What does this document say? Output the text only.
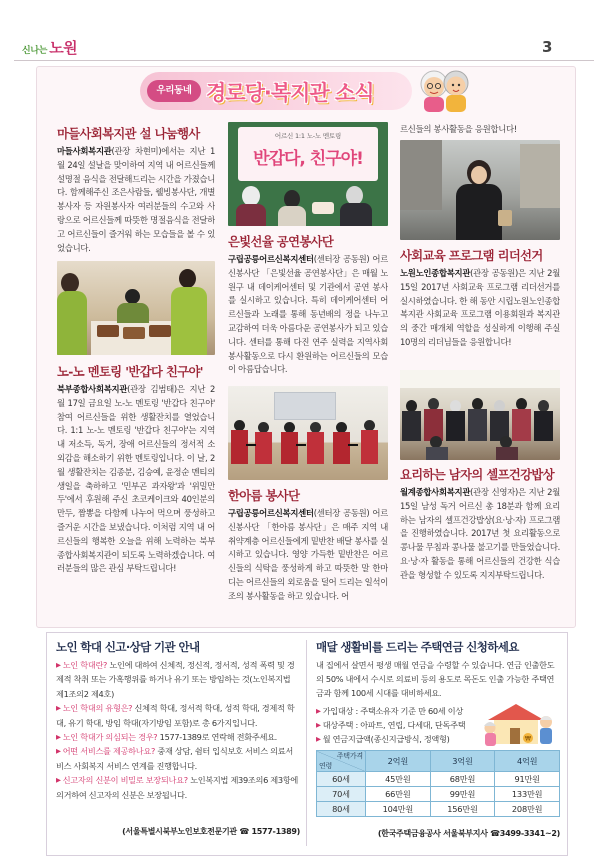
신나는 노원	3
우리동네 경로당·복지관 소식
마들사회복지관 설 나눔행사
마들사회복지관(관장 차현미)에서는 지난 1월 24일 설날을 맞이하여 지역 내 어르신들께 설명절 음식을 전달해드리는 시간을 가졌습니다. 함께해주신 조은사람들, 웰빙봉사단, 개별봉사자 등 자원봉사자 여러분들의 수고와 사랑으로 어르신들께 따뜻한 명절음식을 전달하고 어르신들이 즐거워 하는 모습들을 볼 수 있었습니다.
노-노 멘토링 '반갑다 친구야'
북부종합사회복지관(관장 김범태)은 지난 2월 17일 금요일 노-노 멘토링 '반갑다 친구야' 참여 어르신들을 위한 생활잔치를 열었습니다. 1:1 노-노 멘토링 '반갑다 친구야'는 지역 내 저소득, 독거, 장애 어르신들의 정서적 소외감을 해소하기 위한 멘토링입니다. 이 날, 2월 생활잔치는 김종분, 김승예, 윤정순 멘티의 생일을 축하하고 '민부곤 과자왕'과 '위밀만두'에서 후원해 주신 초코케이크와 40인분의 만두, 짬뽕을 다함께 나누어 먹으며 풍성하고 즐거운 시간을 보냈습니다. 이처럼 지역 내 어르신들의 행복한 오늘을 위해 노력하는 북부종합사회복지관이 되도록 노력하겠습니다. 여러분들의 많은 관심 부탁드립니다!
어르신 1:1 노-노 멘토링
반갑다, 친구야!
은빛선율 공연봉사단
구립공릉어르신복지센터(센터장 공동원) 어르신봉사단 「은빛선율 공연봉사단」은 매월 노원구 내 데이케어센터 및 기관에서 공연 봉사를 실시하고 있습니다. 특히 데이케어센터 어르신들과 노래를 통해 동년배의 정을 나누고 교감하여 더욱 아름다운 공연봉사가 되고 있습니다. 센터를 통해 다진 연주 실력을 지역사회 봉사활동으로 다시 환원하는 어르신들의 모습이 아름답습니다.
한아름 봉사단
구립공릉어르신복지센터(센터장 공동원) 어르신봉사단 「한아름 봉사단」은 매주 지역 내 취약계층 어르신들에게 밑반찬 배달 봉사를 실시하고 있습니다. 영양 가득한 밑반찬은 어르신들의 식탁을 풍성하게 하고 따뜻한 말 한마디는 어르신들의 외로움을 덜어 드리는 일석이조의 봉사활동을 하고 있습니다. 어
르신들의 봉사활동을 응원합니다!
사회교육 프로그램 리더선거
노원노인종합복지관(관장 공동원)은 지난 2월 15일 2017년 사회교육 프로그램 리더선거를 실시하였습니다. 한 해 동안 시립노원노인종합복지관 사회교육 프로그램 이용회원과 복지관의 중간 매개체 역할을 성실하게 이행해 주실 10명의 리더님들을 응원합니다!
요리하는 남자의 셀프건강밥상
월계종합사회복지관(관장 신영자)은 지난 2월 15일 남성 독거 어르신 총 18분과 함께 요리하는 남자의 셀프건강밥상(요·낭·자) 프로그램을 진행하였습니다. 2017년 첫 요리활동으로 콩나물 무침과 콩나물 불고기를 만들었습니다. 요·낭·자 활동을 통해 어르신들의 건강한 식습관을 형성할 수 있도록 지지부탁드립니다.
노인 학대 신고·상담 기관 안내

▶ 노인 학대란? 노인에 대하여 신체적, 정신적, 정서적, 성적 폭력 및 경제적 착취 또는 가혹행위를 하거나 유기 또는 방임하는 것(노인복지법 제1조의2 제4호)

▶ 노인 학대의 유형은? 신체적 학대, 정서적 학대, 성적 학대, 경제적 학대, 유기 학대, 방임 학대(자기방임 포함)로 총 6가지입니다.

▶ 노인 학대가 의심되는 경우? 1577-1389로 연락해 전화주세요.

▶ 어떤 서비스를 제공하나요? 중재 상담, 쉼터 입식보호 서비스 의료서비스 사회복지 서비스 연계를 진행합니다.

▶ 신고자의 신분이 비밀로 보장되나요? 노인복지법 제39조의6 제3항에 의거하여 신고자의 신분은 보장됩니다.

(서울특별시북부노인보호전문기관 ☎ 1577-1389)
매달 생활비를 드리는 주택연금 신청하세요
내 집에서 살면서 평생 매월 연금을 수령할 수 있습니다. 연금 인출한도의 50% 내에서 수시로 의료비 등의 용도로 목돈도 인출 가능한 주택연금과 함께 100세 시대를 대비하세요.
▶ 가입대상 : 주택소유자 기준 만 60세 이상
▶ 대상주택 : 아파트, 연립, 다세대, 단독주택
▶ 월 연금지급액(종신지급방식, 정액형)	₩
주택가격
연령	2억원	3억원	4억원
60세	45만원	68만원	91만원
70세	66만원	99만원	133만원
80세	104만원	156만원	208만원
(한국주택금융공사 서울북부지사 ☎3499-3341~2)
